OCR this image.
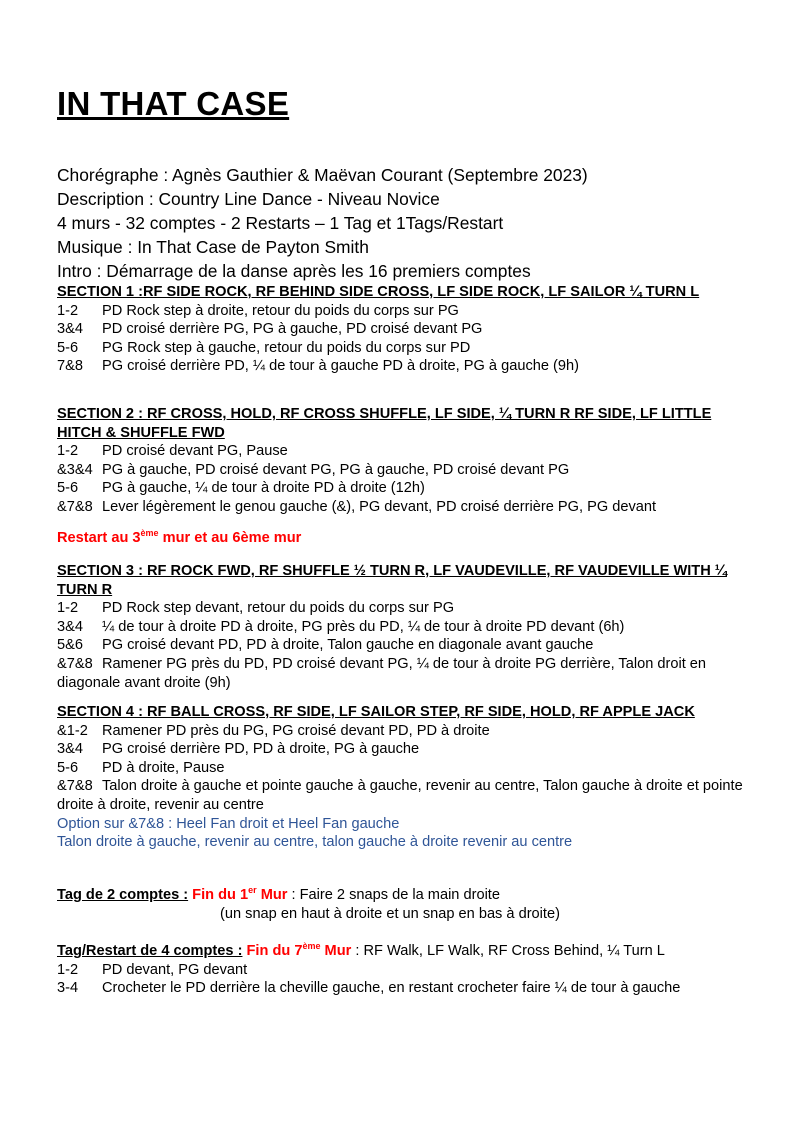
IN THAT CASE
Chorégraphe : Agnès Gauthier & Maëvan Courant (Septembre 2023)
Description : Country Line Dance - Niveau Novice
4 murs - 32 comptes - 2 Restarts – 1 Tag et 1Tags/Restart
Musique : In That Case de Payton Smith
Intro : Démarrage de la danse après les 16 premiers comptes
SECTION 1 :RF SIDE ROCK, RF BEHIND SIDE CROSS, LF SIDE ROCK, LF SAILOR ¼ TURN L
1-2	PD Rock step à droite, retour du poids du corps sur PG
3&4	PD croisé derrière PG, PG à gauche, PD croisé devant PG
5-6	PG Rock step à gauche, retour du poids du corps sur PD
7&8	PG croisé derrière PD, ¼ de tour à gauche PD à droite, PG à gauche (9h)
SECTION 2 : RF CROSS, HOLD, RF CROSS SHUFFLE, LF SIDE, ¼ TURN R RF SIDE, LF LITTLE HITCH & SHUFFLE FWD
1-2	PD croisé devant PG, Pause
&3&4 PG à gauche, PD croisé devant PG, PG à gauche, PD croisé devant PG
5-6	PG à gauche, ¼ de tour à droite PD à droite (12h)
&7&8 Lever légèrement le genou gauche (&), PG devant, PD croisé derrière PG, PG devant
Restart au 3ème mur et au 6ème mur
SECTION 3 : RF ROCK FWD, RF SHUFFLE ½ TURN R, LF VAUDEVILLE, RF VAUDEVILLE WITH ¼ TURN R
1-2	PD Rock step devant, retour du poids du corps sur PG
3&4	¼ de tour à droite PD à droite, PG près du PD, ¼ de tour à droite PD devant (6h)
5&6	PG croisé devant PD, PD à droite, Talon gauche en diagonale avant gauche
&7&8 Ramener PG près du PD, PD croisé devant PG, ¼ de tour à droite PG derrière, Talon droit en diagonale avant droite (9h)
SECTION 4 : RF BALL CROSS, RF SIDE, LF SAILOR STEP, RF SIDE, HOLD, RF APPLE JACK
&1-2 Ramener PD près du PG, PG croisé devant PD, PD à droite
3&4	PG croisé derrière PD, PD à droite, PG à gauche
5-6	PD à droite, Pause
&7&8 Talon droite à gauche et pointe gauche à gauche, revenir au centre, Talon gauche à droite et pointe droite à droite, revenir au centre
Option sur &7&8 : Heel Fan droit et Heel Fan gauche
Talon droite à gauche, revenir au centre, talon gauche à droite revenir au centre
Tag de 2 comptes : Fin du 1er Mur : Faire 2 snaps de la main droite
(un snap en haut à droite et un snap en bas à droite)
Tag/Restart de 4 comptes : Fin du 7ème Mur : RF Walk, LF Walk, RF Cross Behind, ¼ Turn L
1-2	PD devant, PG devant
3-4 Crocheter le PD derrière la cheville gauche, en restant crocheter faire ¼ de tour à gauche
